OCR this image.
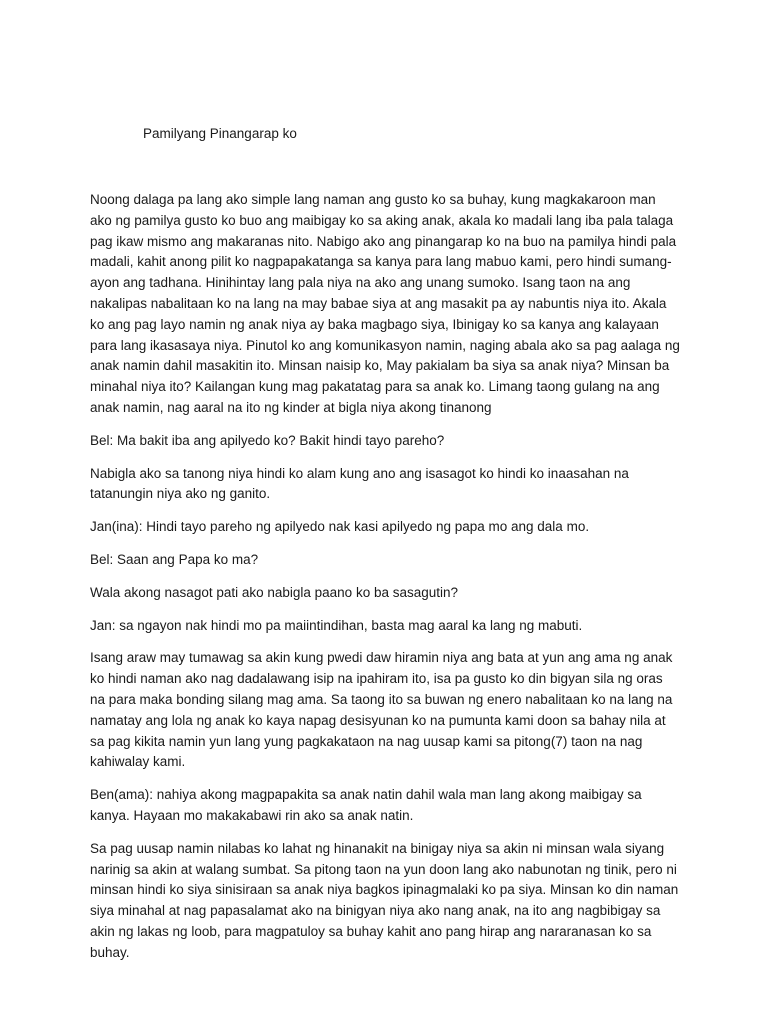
Pamilyang Pinangarap ko

Noong dalaga pa lang ako simple lang naman ang gusto ko sa buhay, kung magkakaroon man ako ng pamilya gusto ko buo ang maibigay ko sa aking anak, akala ko madali lang iba pala talaga pag ikaw mismo ang makaranas nito. Nabigo ako ang pinangarap ko na buo na pamilya hindi pala madali, kahit anong pilit ko nagpapakatanga sa kanya para lang mabuo kami, pero hindi sumang-ayon ang tadhana. Hinihintay lang pala niya na ako ang unang sumoko. Isang taon na ang nakalipas nabalitaan ko na lang na may babae siya at ang masakit pa ay nabuntis niya ito. Akala ko ang pag layo namin ng anak niya ay baka magbago siya, Ibinigay ko sa kanya ang kalayaan para lang ikasasaya niya. Pinutol ko ang komunikasyon namin, naging abala ako sa pag aalaga ng anak namin dahil masakitin ito. Minsan naisip ko, May pakialam ba siya sa anak niya? Minsan ba minahal niya ito? Kailangan kung mag pakatatag para sa anak ko. Limang taong gulang na ang anak namin, nag aaral na ito ng kinder at bigla niya akong tinanong

Bel: Ma bakit iba ang apilyedo ko? Bakit hindi tayo pareho?

Nabigla ako sa tanong niya hindi ko alam kung ano ang isasagot ko hindi ko inaasahan na tatanungin niya ako ng ganito.

Jan(ina): Hindi tayo pareho ng apilyedo nak kasi apilyedo ng papa mo ang dala mo.

Bel: Saan ang Papa ko ma?

Wala akong nasagot pati ako nabigla paano ko ba sasagutin?

Jan: sa ngayon nak hindi mo pa maiintindihan, basta mag aaral ka lang ng mabuti.

Isang araw may tumawag sa akin kung pwedi daw hiramin niya ang bata at yun ang ama ng anak ko hindi naman ako nag dadalawang isip na ipahiram ito, isa pa gusto ko din bigyan sila ng oras na para maka bonding silang mag ama. Sa taong ito sa buwan ng enero nabalitaan ko na lang na namatay ang lola ng anak ko kaya napag desisyunan ko na pumunta kami doon sa bahay nila at sa pag kikita namin yun lang yung pagkakataon na nag uusap kami sa pitong(7) taon na nag kahiwalay kami.

Ben(ama): nahiya akong magpapakita sa anak natin dahil wala man lang akong maibigay sa kanya. Hayaan mo makakabawi rin ako sa anak natin.

Sa pag uusap namin nilabas ko lahat ng hinanakit na binigay niya sa akin ni minsan wala siyang narinig sa akin at walang sumbat. Sa pitong taon na yun doon lang ako nabunotan ng tinik, pero ni minsan hindi ko siya sinisiraan sa anak niya bagkos ipinagmalaki ko pa siya. Minsan ko din naman siya minahal at nag papasalamat ako na binigyan niya ako nang anak, na ito ang nagbibigay sa akin ng lakas ng loob, para magpatuloy sa buhay kahit ano pang hirap ang nararanasan ko sa buhay.
